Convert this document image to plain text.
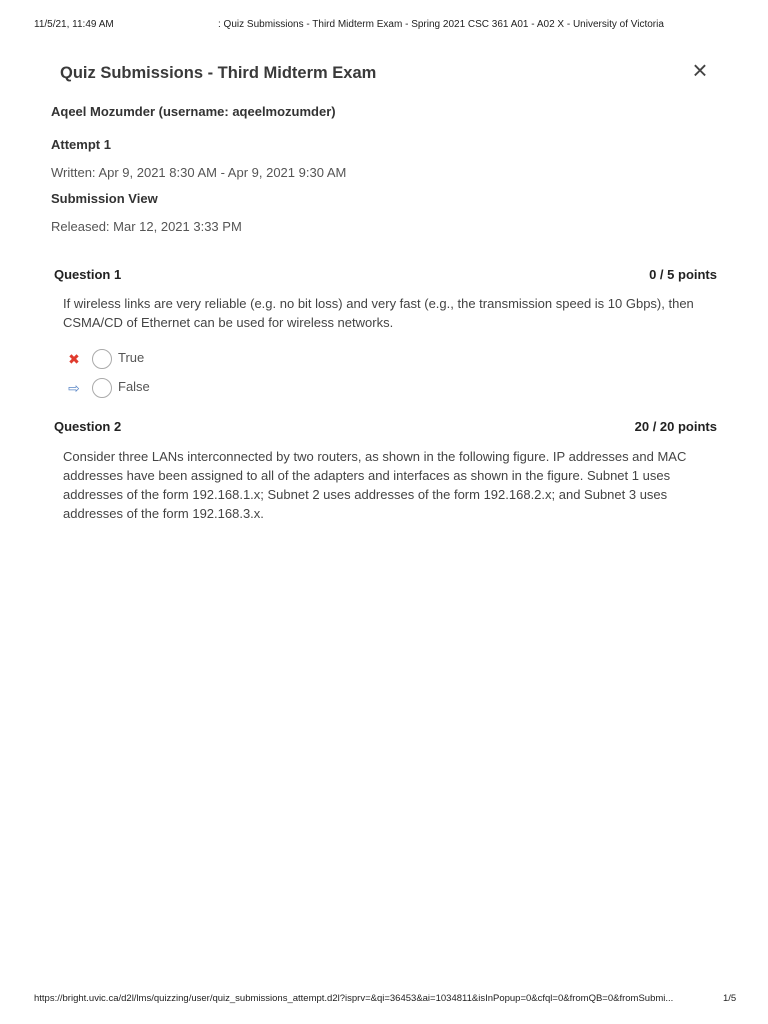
11/5/21, 11:49 AM	: Quiz Submissions - Third Midterm Exam - Spring 2021 CSC 361 A01 - A02 X - University of Victoria
Quiz Submissions - Third Midterm Exam	×
Aqeel Mozumder (username: aqeelmozumder)
Attempt 1
Written: Apr 9, 2021 8:30 AM - Apr 9, 2021 9:30 AM
Submission View
Released: Mar 12, 2021 3:33 PM
Question 1	0 / 5 points
If wireless links are very reliable (e.g. no bit loss) and very fast (e.g., the transmission speed is 10 Gbps), then CSMA/CD of Ethernet can be used for wireless networks.
✖	True
⇨	False
Question 2	20 / 20 points
Consider three LANs interconnected by two routers, as shown in the following figure. IP addresses and MAC addresses have been assigned to all of the adapters and interfaces as shown in the figure. Subnet 1 uses addresses of the form 192.168.1.x; Subnet 2 uses addresses of the form 192.168.2.x; and Subnet 3 uses addresses of the form 192.168.3.x.
https://bright.uvic.ca/d2l/lms/quizzing/user/quiz_submissions_attempt.d2l?isprv=&qi=36453&ai=1034811&isInPopup=0&cfql=0&fromQB=0&fromSubmi...	1/5
